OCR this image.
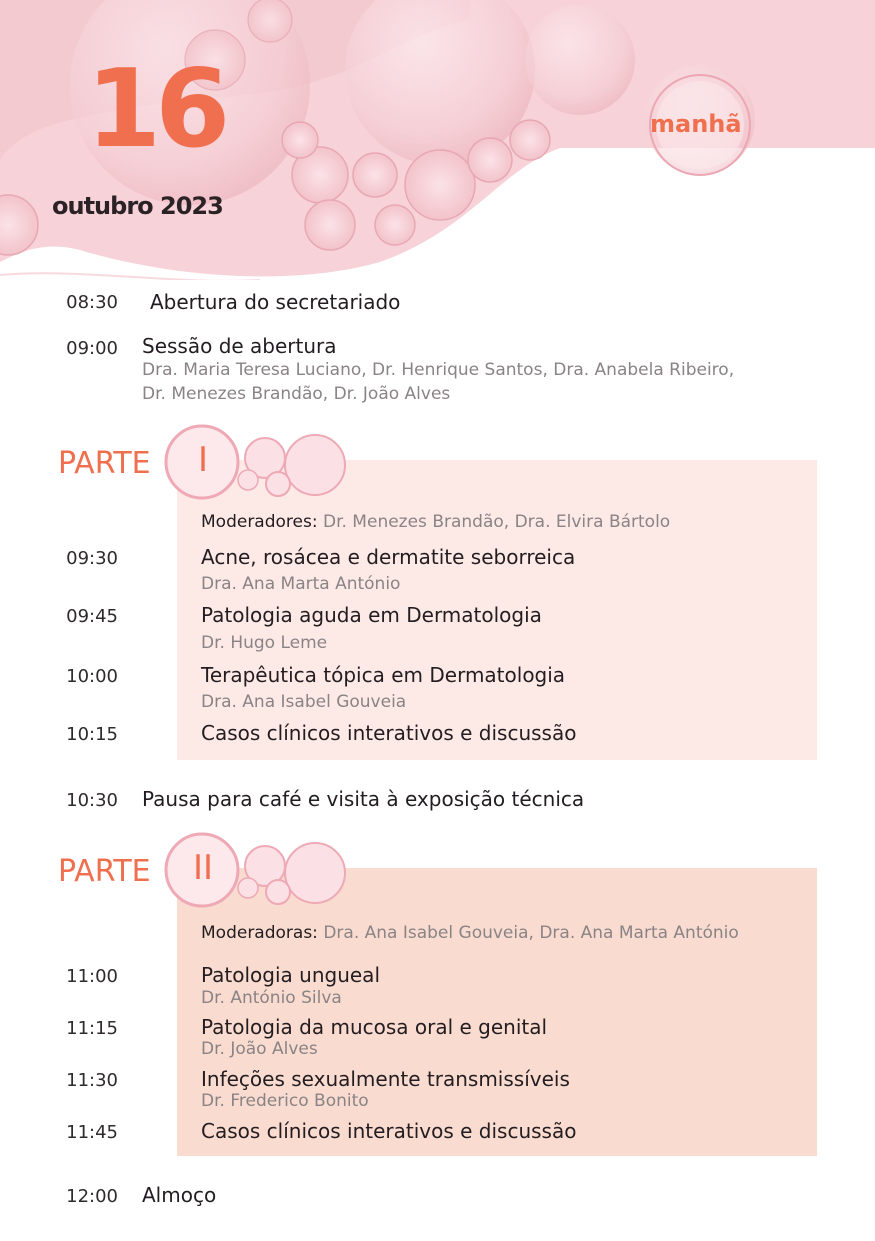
16
outubro 2023
manhã
08:30 Abertura do secretariado
09:00 Sessão de abertura
Dra. Maria Teresa Luciano, Dr. Henrique Santos, Dra. Anabela Ribeiro,
Dr. Menezes Brandão, Dr. João Alves
PARTE	I
Moderadores: Dr. Menezes Brandão, Dra. Elvira Bártolo
09:30	Acne, rosácea e dermatite seborreica
Dra. Ana Marta António
09:45	Patologia aguda em Dermatologia
Dr. Hugo Leme
10:00	Terapêutica tópica em Dermatologia
Dra. Ana Isabel Gouveia
10:15	Casos clínicos interativos e discussão
10:30 Pausa para café e visita à exposição técnica
PARTE	II
Moderadoras: Dra. Ana Isabel Gouveia, Dra. Ana Marta António
11:00	Patologia ungueal
Dr. António Silva
11:15	Patologia da mucosa oral e genital
Dr. João Alves
11:30	Infeções sexualmente transmissíveis
Dr. Frederico Bonito
11:45	Casos clínicos interativos e discussão
12:00 Almoço
